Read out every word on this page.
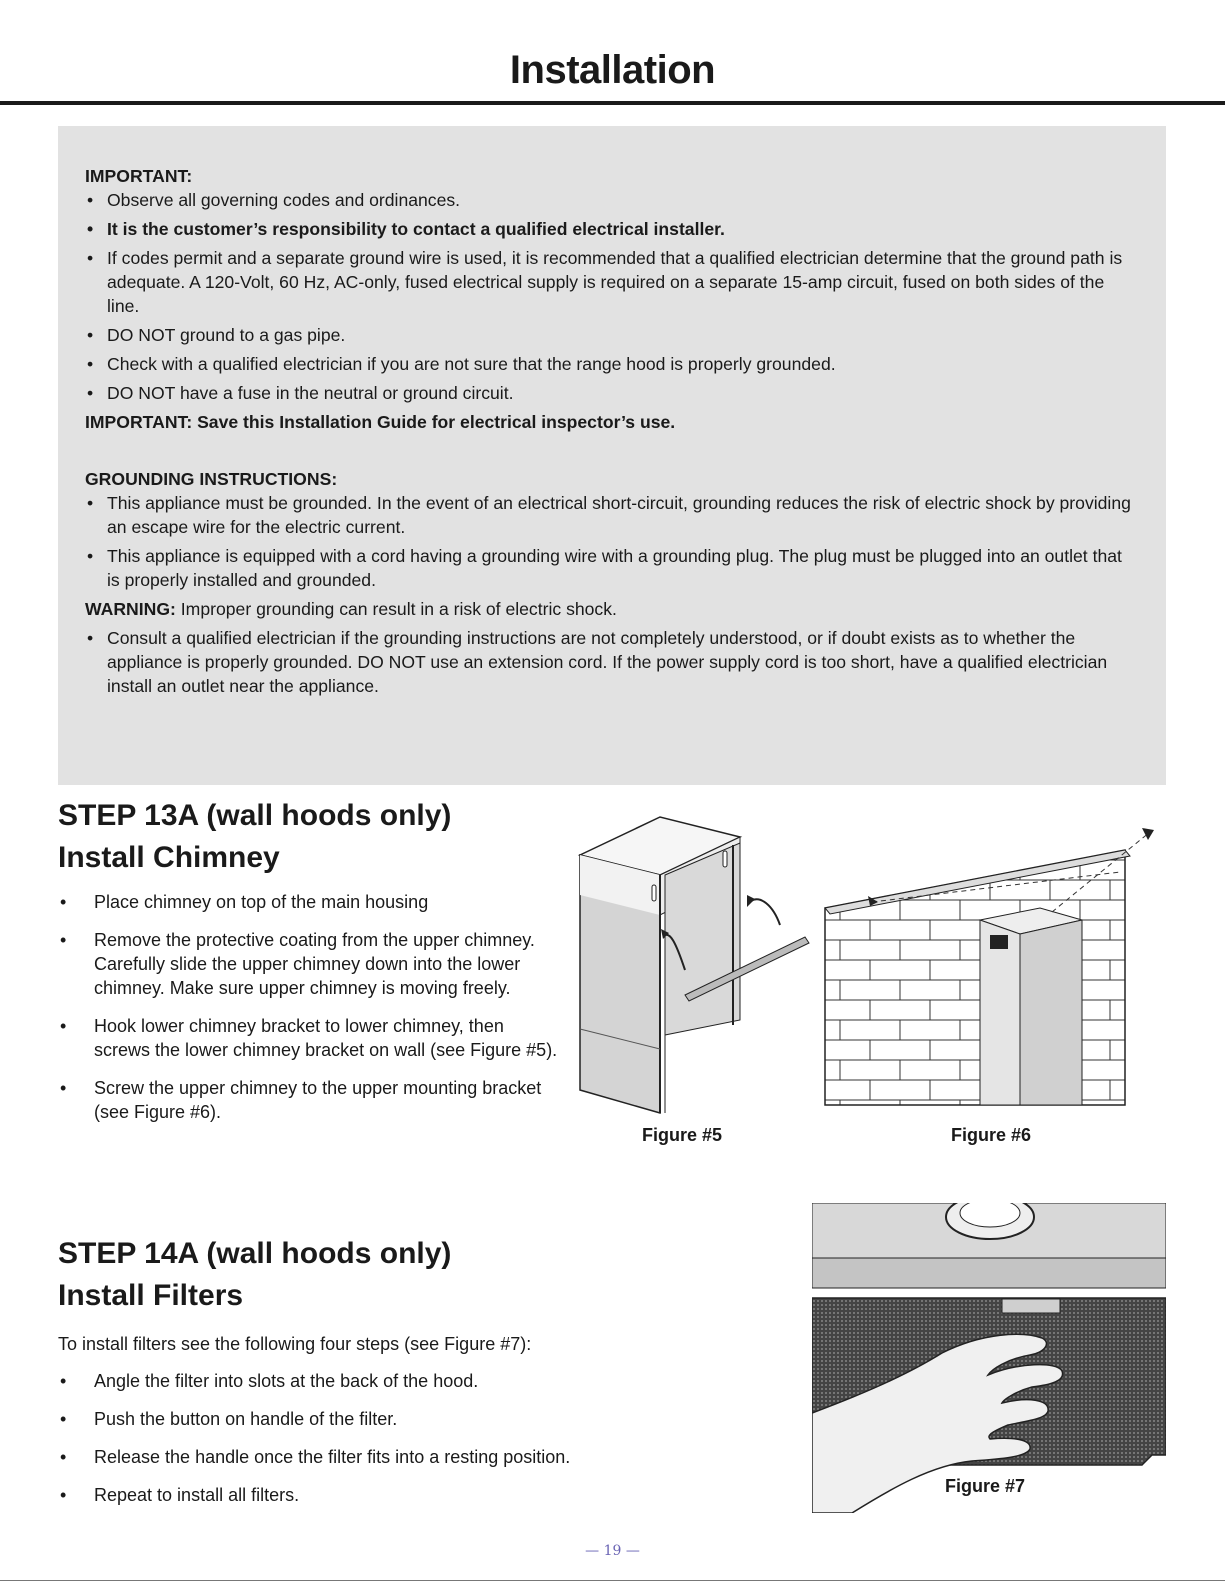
Installation

IMPORTANT:

• Observe all governing codes and ordinances.
• It is the customer’s responsibility to contact a qualified electrical installer.
• If codes permit and a separate ground wire is used, it is recommended that a qualified electrician determine that the ground path is adequate. A 120-Volt, 60 Hz, AC-only, fused electrical supply is required on a separate 15-amp circuit, fused on both sides of the line.
• DO NOT ground to a gas pipe.
• Check with a qualified electrician if you are not sure that the range hood is properly grounded.
• DO NOT have a fuse in the neutral or ground circuit.

IMPORTANT: Save this Installation Guide for electrical inspector’s use.

GROUNDING INSTRUCTIONS:

• This appliance must be grounded. In the event of an electrical short-circuit, grounding reduces the risk of electric shock by providing an escape wire for the electric current.
• This appliance is equipped with a cord having a grounding wire with a grounding plug. The plug must be plugged into an outlet that is properly installed and grounded.

WARNING: Improper grounding can result in a risk of electric shock.

• Consult a qualified electrician if the grounding instructions are not completely understood, or if doubt exists as to whether the appliance is properly grounded. DO NOT use an extension cord. If the power supply cord is too short, have a qualified electrician install an outlet near the appliance.
STEP 13A (wall hoods only)
Install Chimney
• Place chimney on top of the main housing
• Remove the protective coating from the upper chimney. Carefully slide the upper chimney down into the lower chimney. Make sure upper chimney is moving freely.
• Hook lower chimney bracket to lower chimney, then screws the lower chimney bracket on wall (see Figure #5).
• Screw the upper chimney to the upper mounting bracket (see Figure #6).

Figure #5	Figure #6

STEP 14A (wall hoods only)
Install Filters

To install filters see the following four steps (see Figure #7):

• Angle the filter into slots at the back of the hood.
• Push the button on handle of the filter.
• Release the handle once the filter fits into a resting position.
• Repeat to install all filters.	Figure #7

— 19 —
